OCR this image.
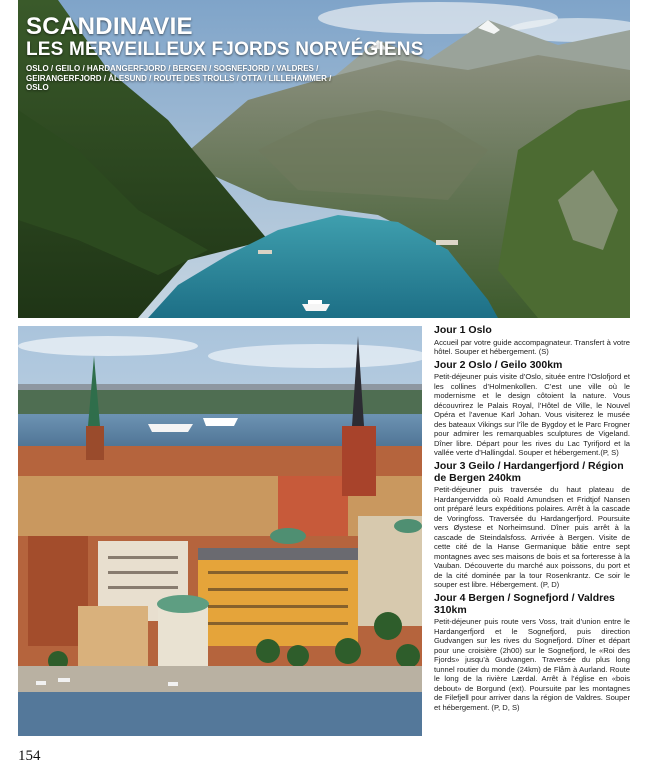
SCANDINAVIE
LES MERVEILLEUX FJORDS NORVÉGIENS
OSLO / GEILO / HARDANGERFJORD / BERGEN / SOGNEFJORD / VALDRES /
GEIRANGERFJORD / ÅLESUND / ROUTE DES TROLLS / OTTA / LILLEHAMMER / OSLO
Jour 1 Oslo
Accueil par votre guide accompagnateur. Transfert à votre hôtel. Souper et hébergement. (S)
Jour 2 Oslo / Geilo 300km
Petit-déjeuner puis visite d’Oslo, située entre l’Oslofjord et les collines d’Holmenkollen. C’est une ville où le modernisme et le design côtoient la nature. Vous découvrirez le Palais Royal, l’Hôtel de Ville, le Nouvel Opéra et l’avenue Karl Johan. Vous visiterez le musée des bateaux Vikings sur l’île de Bygdoy et le Parc Frogner pour admirer les remarquables sculptures de Vigeland. Dîner libre. Départ pour les rives du Lac Tyrifjord et la vallée verte d’Hallingdal. Souper et hébergement.(P, S)
Jour 3 Geilo / Hardangerfjord / Région de Bergen 240km
Petit-déjeuner puis traversée du haut plateau de Hardangervidda où Roald Amundsen et Fridtjof Nansen ont préparé leurs expéditions polaires. Arrêt à la cascade de Voringfoss. Traversée du Hardangerfjord. Poursuite vers Øystese et Norheimsund. Dîner puis arrêt à la cascade de Steindalsfoss. Arrivée à Bergen. Visite de cette cité de la Hanse Germanique bâtie entre sept montagnes avec ses maisons de bois et sa forteresse à la Vauban. Découverte du marché aux poissons, du port et de la cité dominée par la tour Rosenkrantz. Ce soir le souper est libre. Hébergement. (P, D)
Jour 4 Bergen / Sognefjord / Valdres 310km
Petit-déjeuner puis route vers Voss, trait d’union entre le Hardangerfjord et le Sognefjord, puis direction Gudvangen sur les rives du Sognefjord. Dîner et départ pour une croisière (2h00) sur le Sognefjord, le «Roi des Fjords» jusqu’à Gudvangen. Traversée du plus long tunnel routier du monde (24km) de Flåm à Aurland. Route le long de la rivière Lærdal. Arrêt à l’église en «bois debout» de Borgund (ext). Poursuite par les montagnes de Filefjell pour arriver dans la région de Valdres. Souper et hébergement. (P, D, S)
154
